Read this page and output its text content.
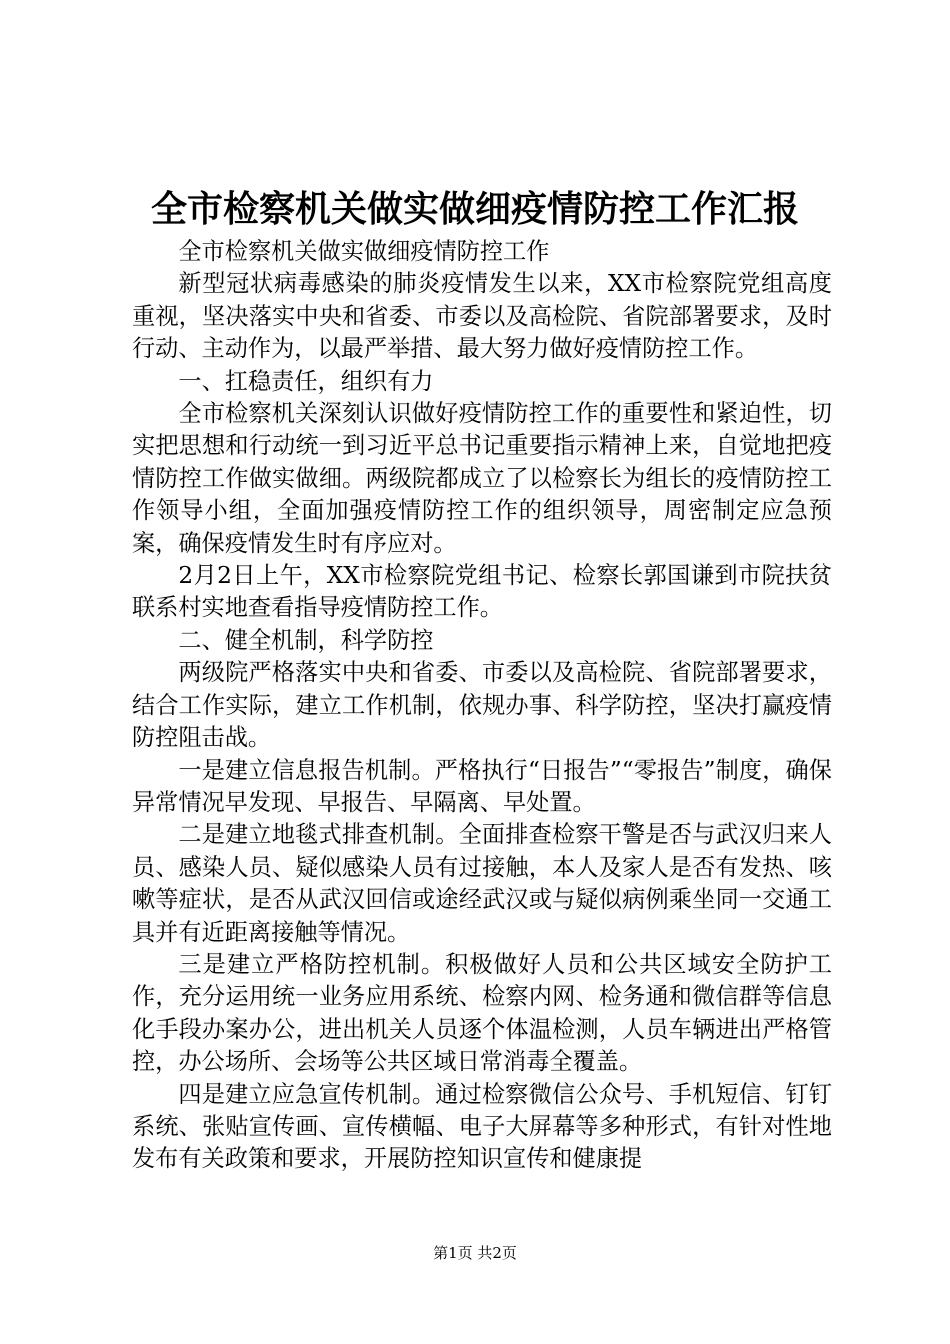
全市检察机关做实做细疫情防控工作汇报

全市检察机关做实做细疫情防控工作

新型冠状病毒感染的肺炎疫情发生以来，XX市检察院党组高度重视，坚决落实中央和省委、市委以及高检院、省院部署要求，及时行动、主动作为，以最严举措、最大努力做好疫情防控工作。

一、扛稳责任，组织有力

全市检察机关深刻认识做好疫情防控工作的重要性和紧迫性，切实把思想和行动统一到习近平总书记重要指示精神上来，自觉地把疫情防控工作做实做细。两级院都成立了以检察长为组长的疫情防控工作领导小组，全面加强疫情防控工作的组织领导，周密制定应急预案，确保疫情发生时有序应对。

2月2日上午，XX市检察院党组书记、检察长郭国谦到市院扶贫联系村实地查看指导疫情防控工作。

二、健全机制，科学防控

两级院严格落实中央和省委、市委以及高检院、省院部署要求，结合工作实际，建立工作机制，依规办事、科学防控，坚决打赢疫情防控阻击战。

一是建立信息报告机制。严格执行“日报告”“零报告”制度，确保异常情况早发现、早报告、早隔离、早处置。

二是建立地毯式排查机制。全面排查检察干警是否与武汉归来人员、感染人员、疑似感染人员有过接触，本人及家人是否有发热、咳嗽等症状，是否从武汉回信或途经武汉或与疑似病例乘坐同一交通工具并有近距离接触等情况。

三是建立严格防控机制。积极做好人员和公共区域安全防护工作，充分运用统一业务应用系统、检察内网、检务通和微信群等信息化手段办案办公，进出机关人员逐个体温检测，人员车辆进出严格管控，办公场所、会场等公共区域日常消毒全覆盖。

四是建立应急宣传机制。通过检察微信公众号、手机短信、钉钉系统、张贴宣传画、宣传横幅、电子大屏幕等多种形式，有针对性地发布有关政策和要求，开展防控知识宣传和健康提

第1页 共2页
